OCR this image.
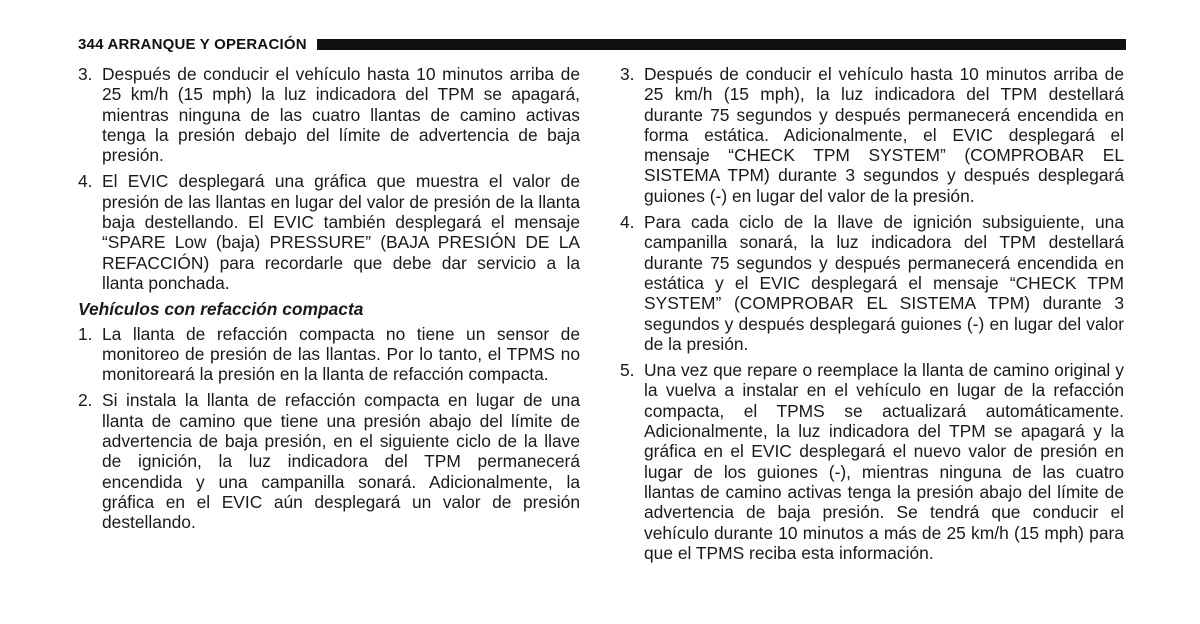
344 ARRANQUE Y OPERACIÓN
3. Después de conducir el vehículo hasta 10 minutos arriba de 25 km/h (15 mph) la luz indicadora del TPM se apagará, mientras ninguna de las cuatro llantas de camino activas tenga la presión debajo del límite de advertencia de baja presión.
4. El EVIC desplegará una gráfica que muestra el valor de presión de las llantas en lugar del valor de presión de la llanta baja destellando. El EVIC también desplegará el mensaje “SPARE Low (baja) PRESSURE” (BAJA PRESIÓN DE LA REFACCIÓN) para recordarle que debe dar servicio a la llanta ponchada.
Vehículos con refacción compacta
1. La llanta de refacción compacta no tiene un sensor de monitoreo de presión de las llantas. Por lo tanto, el TPMS no monitoreará la presión en la llanta de refacción compacta.
2. Si instala la llanta de refacción compacta en lugar de una llanta de camino que tiene una presión abajo del límite de advertencia de baja presión, en el siguiente ciclo de la llave de ignición, la luz indicadora del TPM permanecerá encendida y una campanilla sonará. Adicionalmente, la gráfica en el EVIC aún desplegará un valor de presión destellando.
3. Después de conducir el vehículo hasta 10 minutos arriba de 25 km/h (15 mph), la luz indicadora del TPM destellará durante 75 segundos y después permanecerá encendida en forma estática. Adicionalmente, el EVIC desplegará el mensaje “CHECK TPM SYSTEM” (COMPROBAR EL SISTEMA TPM) durante 3 segundos y después desplegará guiones (-) en lugar del valor de la presión.
4. Para cada ciclo de la llave de ignición subsiguiente, una campanilla sonará, la luz indicadora del TPM destellará durante 75 segundos y después permanecerá encendida en estática y el EVIC desplegará el mensaje “CHECK TPM SYSTEM” (COMPROBAR EL SISTEMA TPM) durante 3 segundos y después desplegará guiones (-) en lugar del valor de la presión.
5. Una vez que repare o reemplace la llanta de camino original y la vuelva a instalar en el vehículo en lugar de la refacción compacta, el TPMS se actualizará automáticamente. Adicionalmente, la luz indicadora del TPM se apagará y la gráfica en el EVIC desplegará el nuevo valor de presión en lugar de los guiones (-), mientras ninguna de las cuatro llantas de camino activas tenga la presión abajo del límite de advertencia de baja presión. Se tendrá que conducir el vehículo durante 10 minutos a más de 25 km/h (15 mph) para que el TPMS reciba esta información.
